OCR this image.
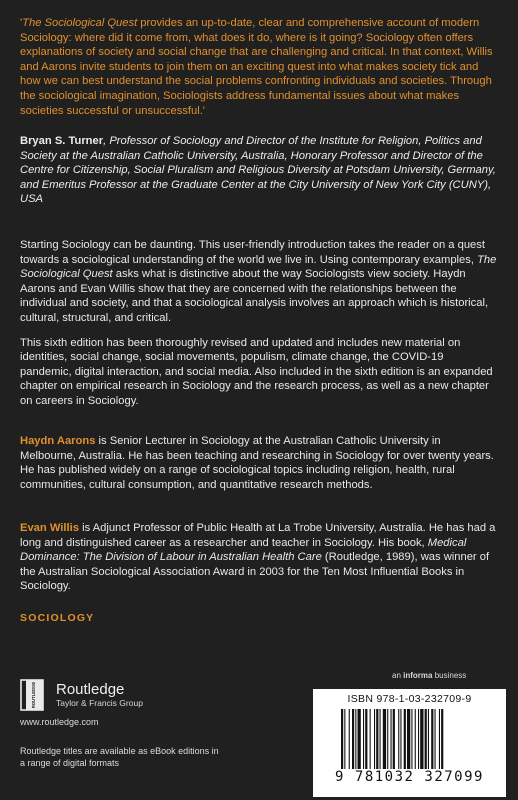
'The Sociological Quest provides an up-to-date, clear and comprehensive account of modern Sociology: where did it come from, what does it do, where is it going? Sociology often offers explanations of society and social change that are challenging and critical. In that context, Willis and Aarons invite students to join them on an exciting quest into what makes society tick and how we can best understand the social problems confronting individuals and societies. Through the sociological imagination, Sociologists address fundamental issues about what makes societies successful or unsuccessful.'

Bryan S. Turner, Professor of Sociology and Director of the Institute for Religion, Politics and Society at the Australian Catholic University, Australia, Honorary Professor and Director of the Centre for Citizenship, Social Pluralism and Religious Diversity at Potsdam University, Germany, and Emeritus Professor at the Graduate Center at the City University of New York City (CUNY), USA

Starting Sociology can be daunting. This user-friendly introduction takes the reader on a quest towards a sociological understanding of the world we live in. Using contemporary examples, The Sociological Quest asks what is distinctive about the way Sociologists view society. Haydn Aarons and Evan Willis show that they are concerned with the relationships between the individual and society, and that a sociological analysis involves an approach which is historical, cultural, structural, and critical.

This sixth edition has been thoroughly revised and updated and includes new material on identities, social change, social movements, populism, climate change, the COVID-19 pandemic, digital interaction, and social media. Also included in the sixth edition is an expanded chapter on empirical research in Sociology and the research process, as well as a new chapter on careers in Sociology.

Haydn Aarons is Senior Lecturer in Sociology at the Australian Catholic University in Melbourne, Australia. He has been teaching and researching in Sociology for over twenty years. He has published widely on a range of sociological topics including religion, health, rural communities, cultural consumption, and quantitative research methods.

Evan Willis is Adjunct Professor of Public Health at La Trobe University, Australia. He has had a long and distinguished career as a researcher and teacher in Sociology. His book, Medical Dominance: The Division of Labour in Australian Health Care (Routledge, 1989), was winner of the Australian Sociological Association Award in 2003 for the Ten Most Influential Books in Sociology.

SOCIOLOGY
an informa business
ROUTLEDGE Routledge
Taylor & Francis Group
www.routledge.com
Routledge titles are available as eBook editions in a range of digital formats
ISBN 978-1-03-232709-9
9 781032 327099
